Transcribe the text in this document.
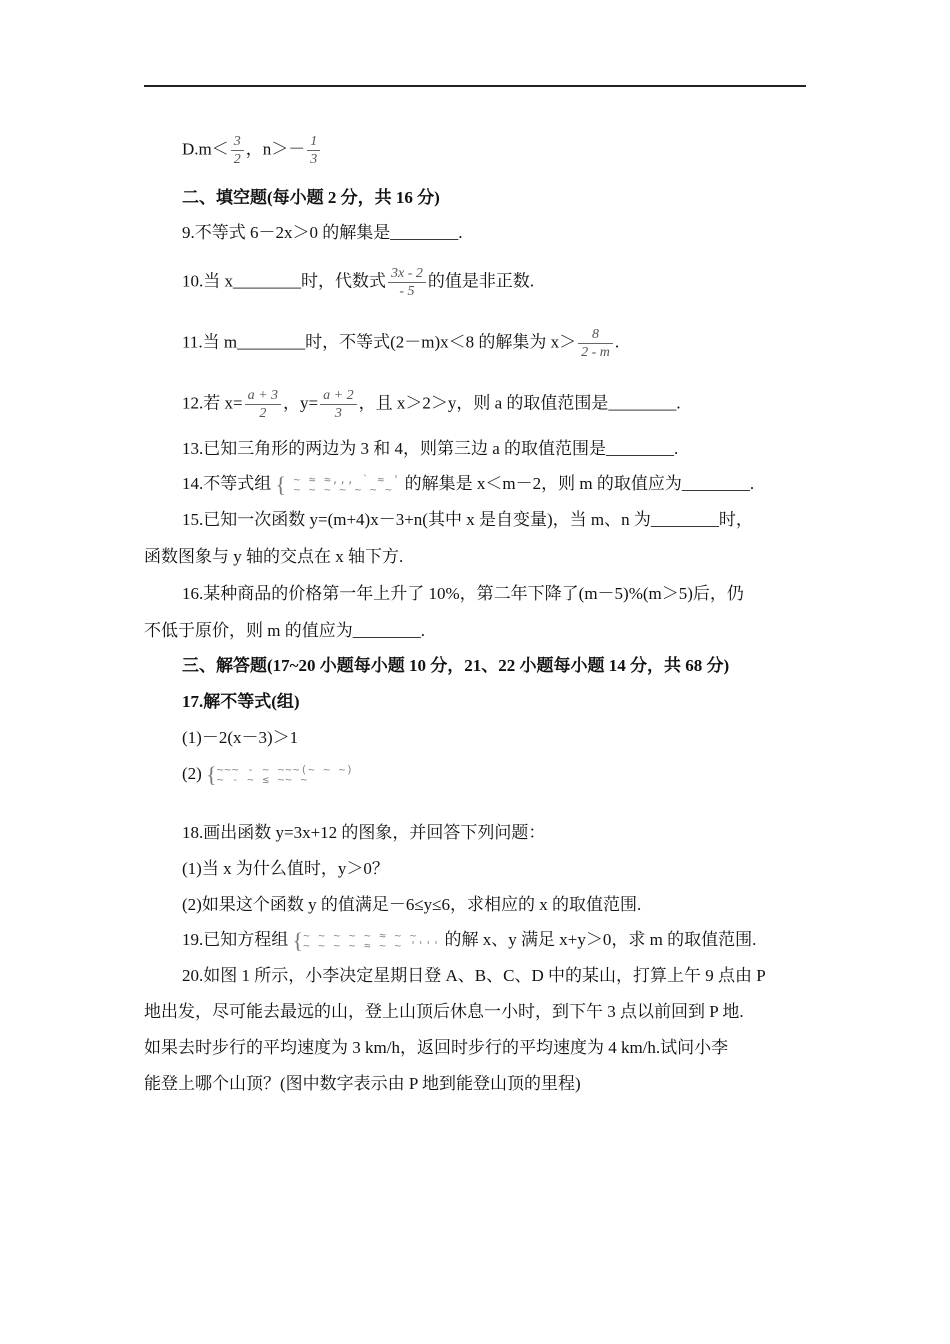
$D.m< \frac{3}{2}$ ，$n>- \frac{1}{3}$
二、填空题(每小题 2 分，共 16 分)
9.不等式 6－2x＞0 的解集是________.
10.当 x________时，代数式 $\frac{3x - 2}{- 5}$ 的值是非正数.
11.当 m________时，不等式(2－m)x＜8 的解集为 $x> \frac{8}{2 - m}$ .
12.若 $x= \frac{a + 3}{2}$ ，$y= \frac{a + 2}{3}$ ，且 x＞2＞y，则 a 的取值范围是________.
13.已知三角形的两边为 3 和 4，则第三边 a 的取值范围是________.
14.不等式组 { ~ ≈ ≈,,, ` ≈ '
~ ~ ~ ~ ~ ~ ~ 的解集是 x＜m－2，则 m 的取值应为________.
15.已知一次函数 y=(m+4)x－3+n(其中 x 是自变量)，当 m、n 为________时，
函数图象与 y 轴的交点在 x 轴下方.
16.某种商品的价格第一年上升了 10%，第二年下降了(m－5)%(m＞5)后，仍
不低于原价，则 m 的值应为________.
三、解答题(17~20 小题每小题 10 分，21、22 小题每小题 14 分，共 68 分)
17.解不等式(组)
(1)－2(x－3)＞1
(2) {~~~ - ~ ~~~(~ ~ ~)
~ - ~ ≤ ~~ ~
18.画出函数 y=3x+12 的图象，并回答下列问题：
(1)当 x 为什么值时，y＞0？
(2)如果这个函数 y 的值满足－6≤y≤6，求相应的 x 的取值范围.
19.已知方程组 {~ ~ ~ ~ ~ ≈ ~ ~
~ ~ ~ ~ ≈ ~ ~ '''' 的解 x、y 满足 x+y＞0，求 m 的取值范围.
20.如图 1 所示，小李决定星期日登 A、B、C、D 中的某山，打算上午 9 点由 P
地出发，尽可能去最远的山，登上山顶后休息一小时，到下午 3 点以前回到 P 地.
如果去时步行的平均速度为 3 km/h，返回时步行的平均速度为 4 km/h.试问小李
能登上哪个山顶？(图中数字表示由 P 地到能登山顶的里程)
